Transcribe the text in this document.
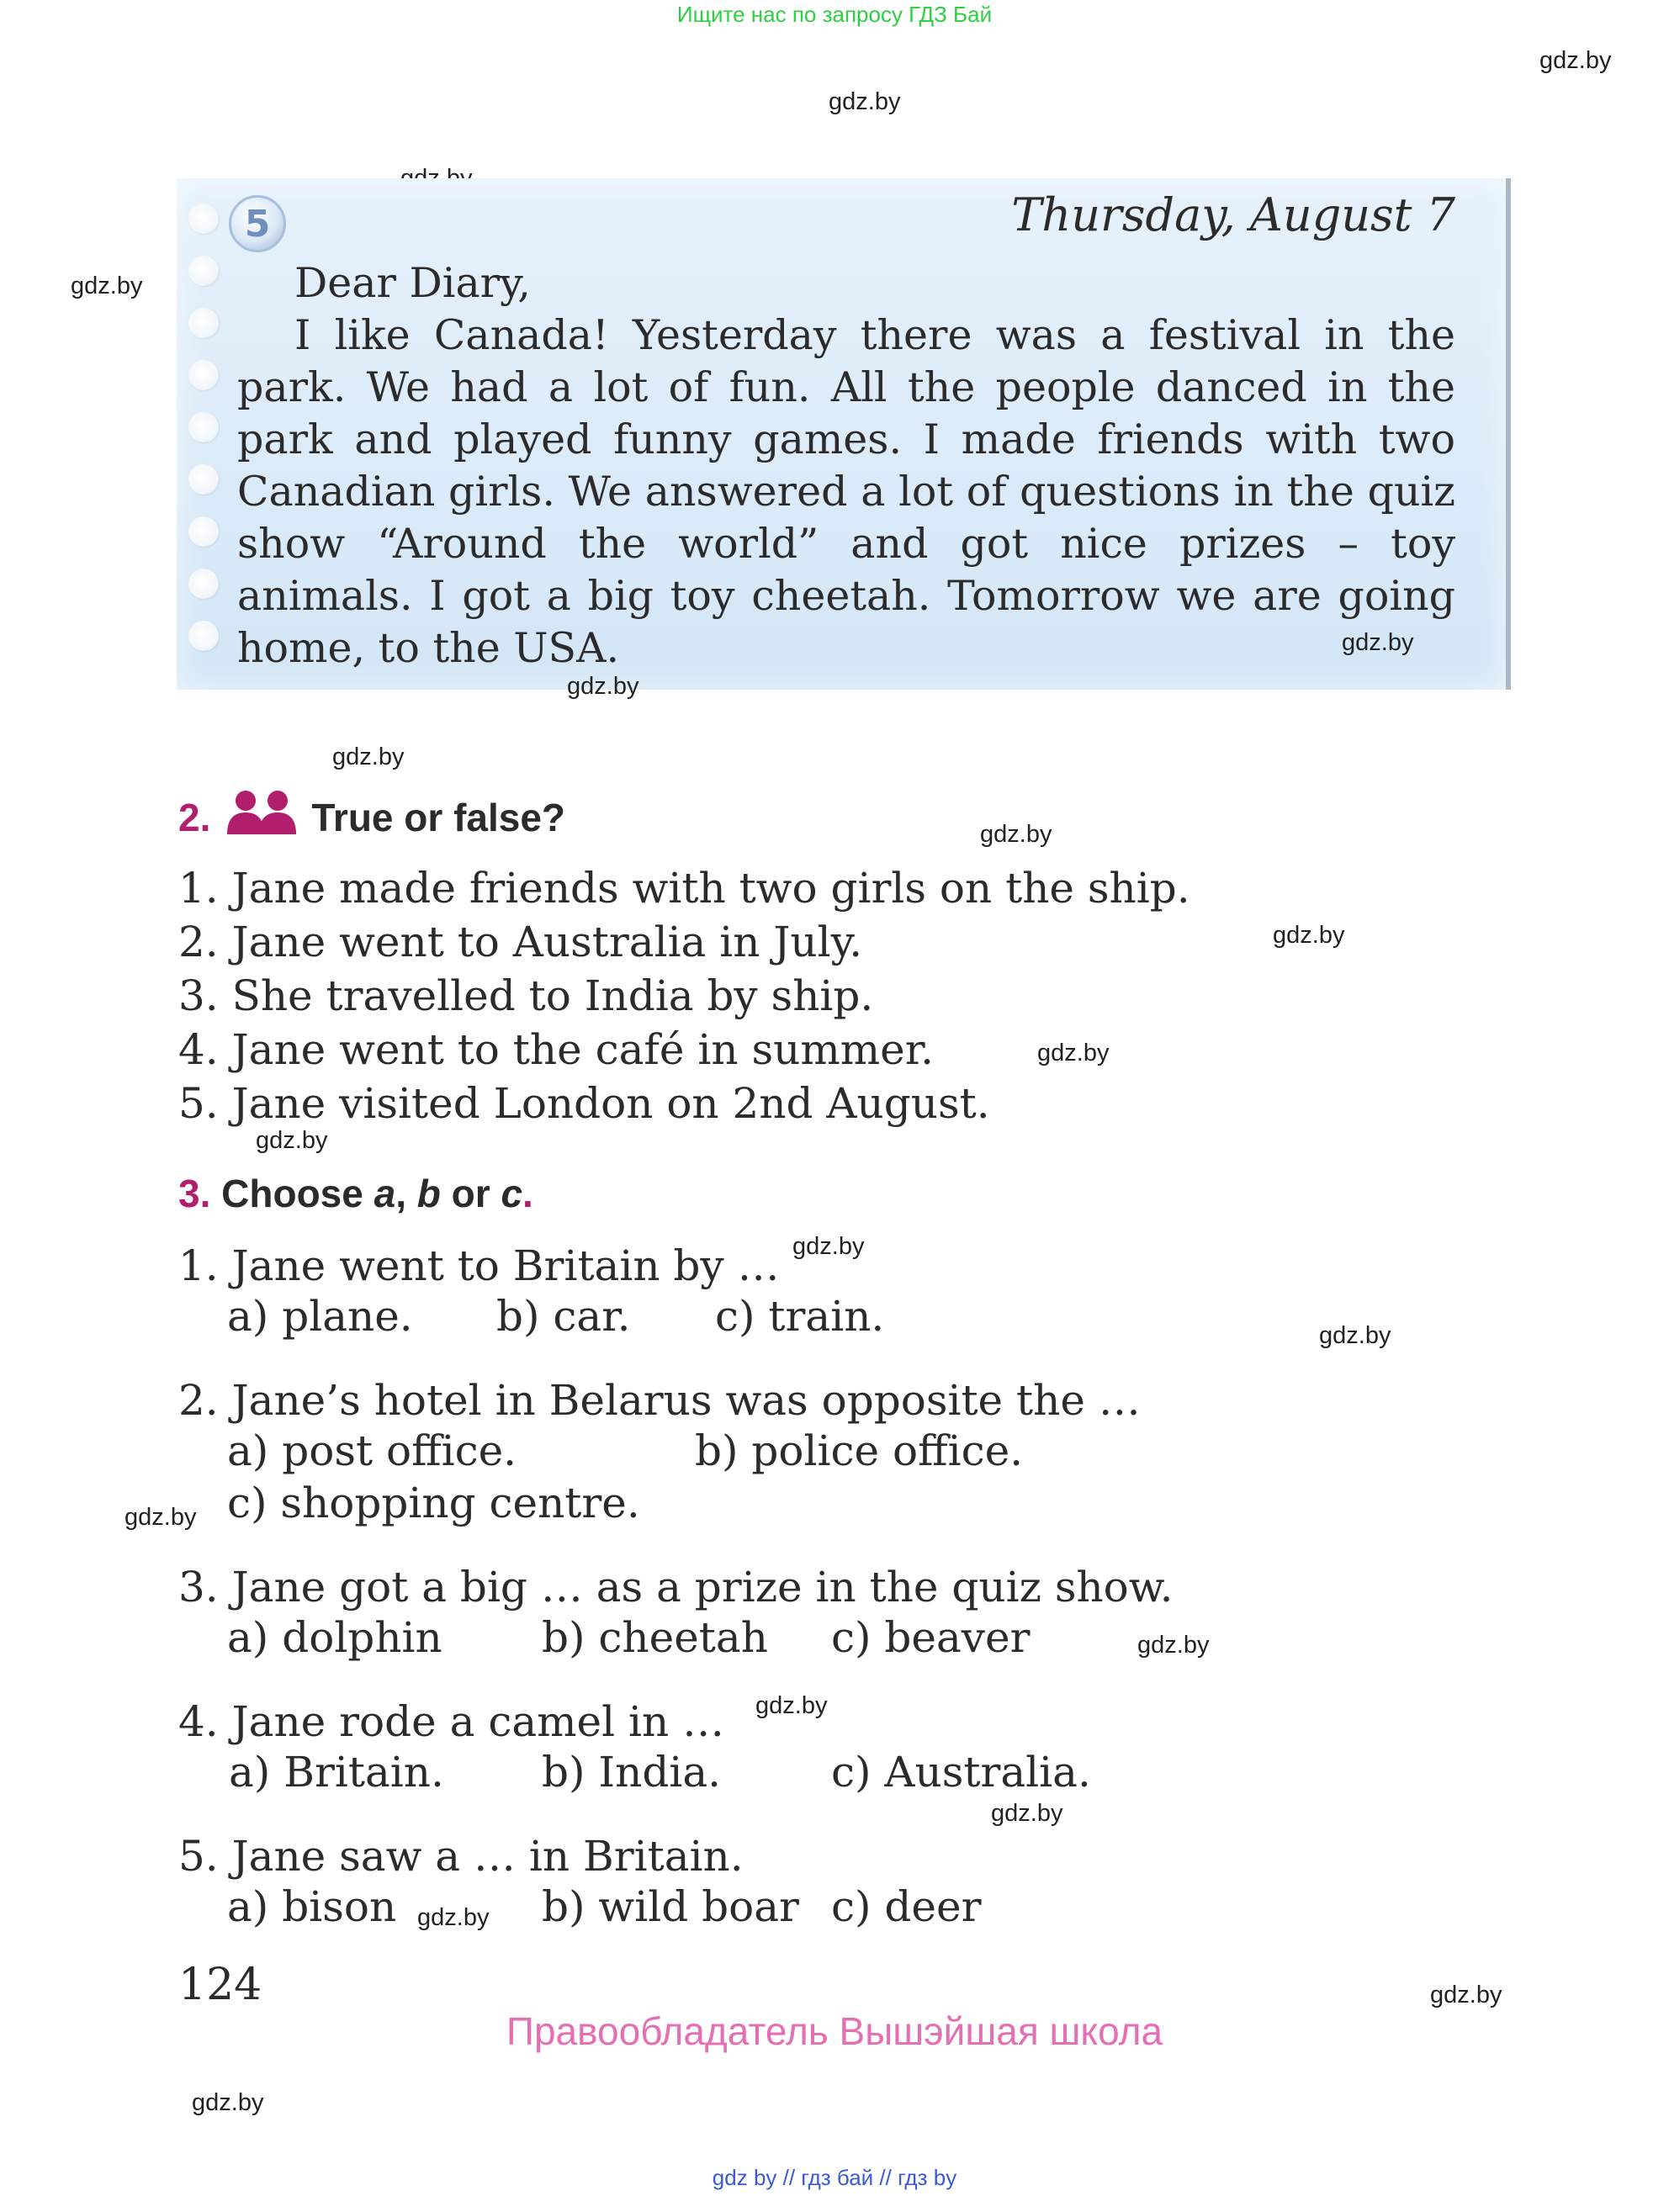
Ищите нас по запросу ГДЗ Бай
gdz.by
gdz.by
gdz.by
5	Thursday, August 7
Dear Diary,
I like Canada! Yesterday there was a festival in the park. We had a lot of fun. All the people danced in the park and played funny games. I made friends with two Canadian girls. We answered a lot of questions in the quiz show “Around the world” and got nice prizes – toy animals. I got a big toy cheetah. Tomorrow we are going home, to the USA.	gdz.by
gdz.by
gdz.by
2.	True or false?	gdz.by
1. Jane made friends with two girls on the ship.
2. Jane went to Australia in July.
3. She travelled to India by ship.
4. Jane went to the café in summer.
5. Jane visited London on 2nd August.
gdz.by
gdz.by
gdz.by
3. Choose a, b or c.
1. Jane went to Britain by … gdz.by
a) plane. b) car. c) train.	gdz.by
2. Jane’s hotel in Belarus was opposite the …
a) post office.	b) police office.
c) shopping centre.
gdz.by
3. Jane got a big … as a prize in the quiz show.
a) dolphin b) cheetah c) beaver	gdz.by
4. Jane rode a camel in … gdz.by
a) Britain. b) India.	c) Australia.
gdz.by
5. Jane saw a … in Britain.
a) bison gdz.by b) wild boar c) deer
124	gdz.by
Правообладатель Вышэйшая школа
gdz.by
gdz by // гдз бай // гдз by
